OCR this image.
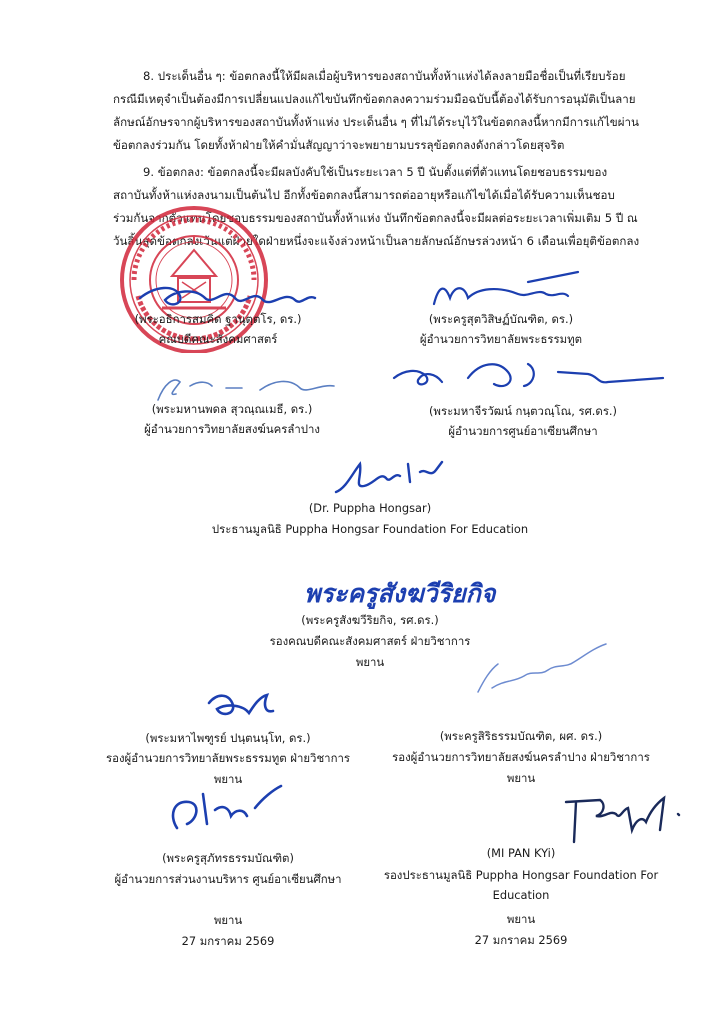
8. ประเด็นอื่น ๆ: ข้อตกลงนี้ให้มีผลเมื่อผู้บริหารของสถาบันทั้งห้าแห่งได้ลงลายมือชื่อเป็นที่เรียบร้อย
กรณีมีเหตุจำเป็นต้องมีการเปลี่ยนแปลงแก้ไขบันทึกข้อตกลงความร่วมมือฉบับนี้ต้องได้รับการอนุมัติเป็นลาย
ลักษณ์อักษรจากผู้บริหารของสถาบันทั้งห้าแห่ง ประเด็นอื่น ๆ ที่ไม่ได้ระบุไว้ในข้อตกลงนี้หากมีการแก้ไขผ่าน
ข้อตกลงร่วมกัน โดยทั้งห้าฝ่ายให้คำมั่นสัญญาว่าจะพยายามบรรลุข้อตกลงดังกล่าวโดยสุจริต
9. ข้อตกลง: ข้อตกลงนี้จะมีผลบังคับใช้เป็นระยะเวลา 5 ปี นับตั้งแต่ที่ตัวแทนโดยชอบธรรมของ
สถาบันทั้งห้าแห่งลงนามเป็นต้นไป อีกทั้งข้อตกลงนี้สามารถต่ออายุหรือแก้ไขได้เมื่อได้รับความเห็นชอบ
ร่วมกันจากตัวแทนโดยชอบธรรมของสถาบันทั้งห้าแห่ง บันทึกข้อตกลงนี้จะมีผลต่อระยะเวลาเพิ่มเติม 5 ปี ณ
วันสิ้นสุดข้อตกลงเว้นแต่ฝ่ายใดฝ่ายหนึ่งจะแจ้งล่วงหน้าเป็นลายลักษณ์อักษรล่วงหน้า 6 เดือนเพื่อยุติข้อตกลง
พระครูสังฆวีริยกิจ
(พระอธิการสมคิด ฐานุตฺตโร, ดร.)
คณบดีคณะสังคมศาสตร์
(พระครูสุตวิสิษฏ์บัณฑิต, ดร.)
ผู้อำนวยการวิทยาลัยพระธรรมทูต
(พระมหานพดล สุวณฺณเมธี, ดร.)
ผู้อำนวยการวิทยาลัยสงฆ์นครลำปาง
(พระมหาจีรวัฒน์ กนฺตวณฺโณ, รศ.ดร.)
ผู้อำนวยการศูนย์อาเซียนศึกษา
(Dr. Puppha Hongsar)
ประธานมูลนิธิ Puppha Hongsar Foundation For Education
(พระครูสังฆวีริยกิจ, รศ.ดร.)
รองคณบดีคณะสังคมศาสตร์ ฝ่ายวิชาการ
พยาน
(พระมหาไพฑูรย์ ปนฺตนนฺโท, ดร.)
รองผู้อำนวยการวิทยาลัยพระธรรมทูต ฝ่ายวิชาการ
พยาน
(พระครูสิริธรรมบัณฑิต, ผศ. ดร.)
รองผู้อำนวยการวิทยาลัยสงฆ์นครลำปาง ฝ่ายวิชาการ
พยาน
(พระครูสุภัทรธรรมบัณฑิต)
ผู้อำนวยการส่วนงานบริหาร ศูนย์อาเซียนศึกษา
พยาน
27 มกราคม 2569
(MI PAN KYi)
รองประธานมูลนิธิ Puppha Hongsar Foundation For
Education
พยาน
27 มกราคม 2569
